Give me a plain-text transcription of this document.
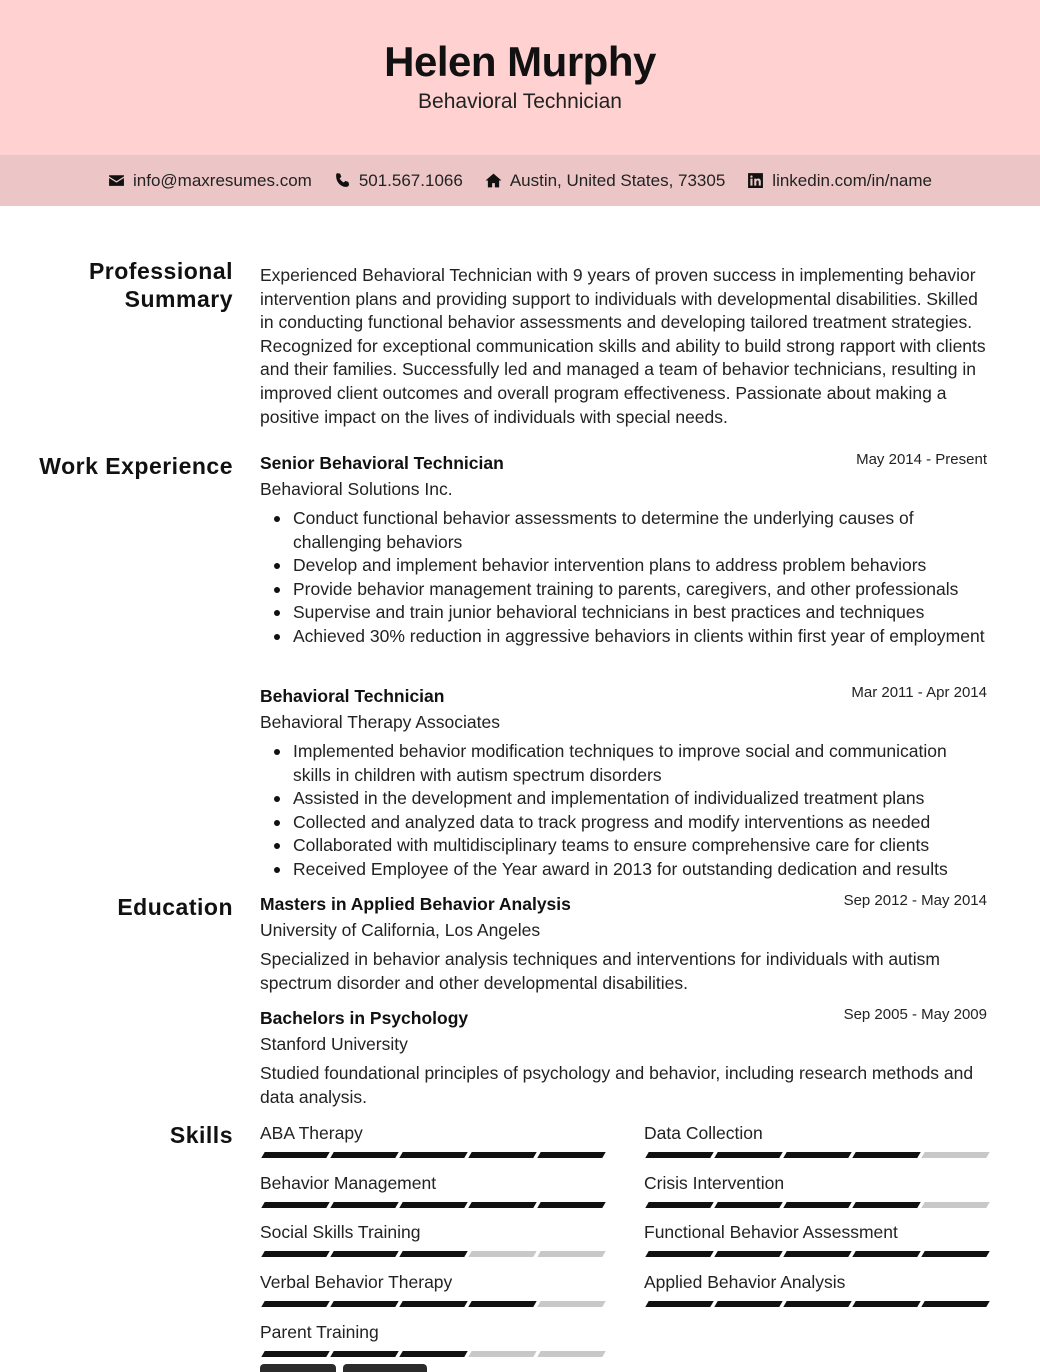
Helen Murphy
Behavioral Technician
info@maxresumes.com	501.567.1066	Austin, United States, 73305	linkedin.com/in/name
Professional Summary

Experienced Behavioral Technician with 9 years of proven success in implementing behavior intervention plans and providing support to individuals with developmental disabilities. Skilled in conducting functional behavior assessments and developing tailored treatment strategies. Recognized for exceptional communication skills and ability to build strong rapport with clients and their families. Successfully led and managed a team of behavior technicians, resulting in improved client outcomes and overall program effectiveness. Passionate about making a positive impact on the lives of individuals with special needs.

Work Experience Senior Behavioral Technician	May 2014 - Present
Behavioral Solutions Inc.
Conduct functional behavior assessments to determine the underlying causes of challenging behaviors
Develop and implement behavior intervention plans to address problem behaviors
Provide behavior management training to parents, caregivers, and other professionals
Supervise and train junior behavioral technicians in best practices and techniques
Achieved 30% reduction in aggressive behaviors in clients within first year of employment
Behavioral Technician	Mar 2011 - Apr 2014
Behavioral Therapy Associates
Implemented behavior modification techniques to improve social and communication skills in children with autism spectrum disorders
Assisted in the development and implementation of individualized treatment plans
Collected and analyzed data to track progress and modify interventions as needed
Collaborated with multidisciplinary teams to ensure comprehensive care for clients
Received Employee of the Year award in 2013 for outstanding dedication and results
Education Masters in Applied Behavior Analysis	Sep 2012 - May 2014
University of California, Los Angeles

Specialized in behavior analysis techniques and interventions for individuals with autism spectrum disorder and other developmental disabilities.

Bachelors in Psychology	Sep 2005 - May 2009
Stanford University

Studied foundational principles of psychology and behavior, including research methods and data analysis.

Skills ABA Therapy	Data Collection
Behavior Management	Crisis Intervention
Social Skills Training	Functional Behavior Assessment
Verbal Behavior Therapy	Applied Behavior Analysis
Parent Training
